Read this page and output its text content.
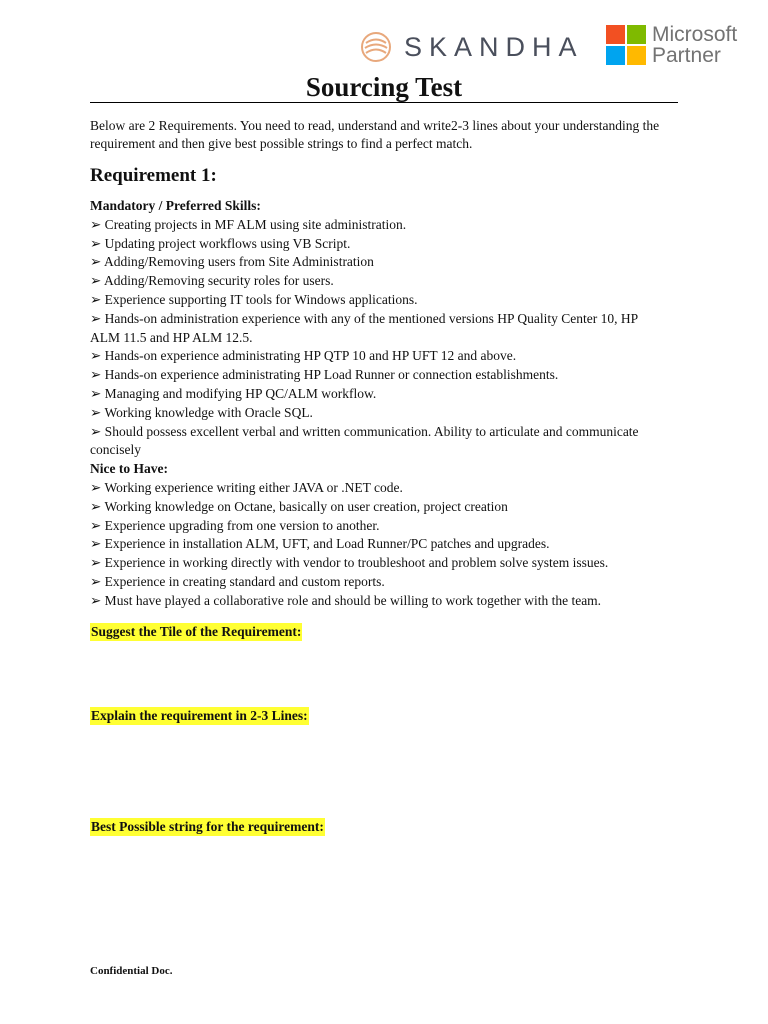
SKANDHA	Microsoft Partner
Sourcing Test
Below are 2 Requirements. You need to read, understand and write2-3 lines about your understanding the requirement and then give best possible strings to find a perfect match.
Requirement 1:
Mandatory / Preferred Skills:
➢ Creating projects in MF ALM using site administration.
➢ Updating project workflows using VB Script.
➢ Adding/Removing users from Site Administration
➢ Adding/Removing security roles for users.
➢ Experience supporting IT tools for Windows applications.
➢ Hands-on administration experience with any of the mentioned versions HP Quality Center 10, HP ALM 11.5 and HP ALM 12.5.
➢ Hands-on experience administrating HP QTP 10 and HP UFT 12 and above.
➢ Hands-on experience administrating HP Load Runner or connection establishments.
➢ Managing and modifying HP QC/ALM workflow.
➢ Working knowledge with Oracle SQL.
➢ Should possess excellent verbal and written communication. Ability to articulate and communicate concisely
Nice to Have:
➢ Working experience writing either JAVA or .NET code.
➢ Working knowledge on Octane, basically on user creation, project creation
➢ Experience upgrading from one version to another.
➢ Experience in installation ALM, UFT, and Load Runner/PC patches and upgrades.
➢ Experience in working directly with vendor to troubleshoot and problem solve system issues.
➢ Experience in creating standard and custom reports.
➢ Must have played a collaborative role and should be willing to work together with the team.
Suggest the Tile of the Requirement:
Explain the requirement in 2-3 Lines:
Best Possible string for the requirement:
Confidential Doc.
